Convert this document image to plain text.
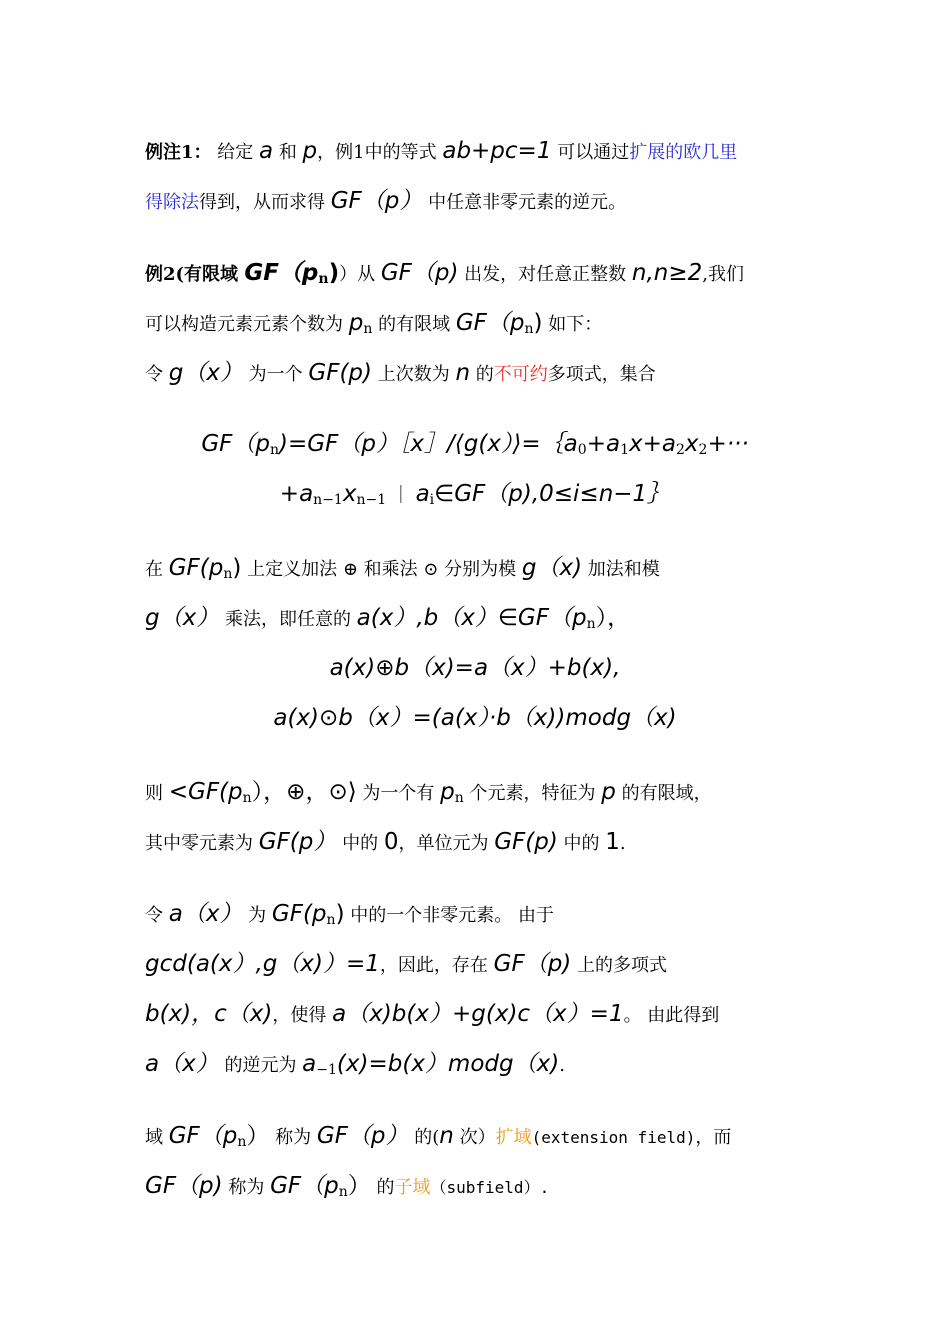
例注1： 给定 a 和 p，例1中的等式 ab+pc=1 可以通过扩展的欧几里
得除法得到，从而求得 GF（p） 中任意非零元素的逆元。
例2(有限域 $GF(p_n)$）从 GF（p) 出发，对任意正整数 n,n≥2,我们
可以构造元素元素个数为 $p_n$ 的有限域 $GF(p_n)$ 如下：
令 g（x） 为一个 GF(p) 上次数为 n 的不可约多项式，集合
$GF(p_n)=GF(p)[x]/⟨g(x)⟩=\{a_0+a_1x+a_2x_2+\cdot\cdot\cdot$
$+a_{n-1}x_{n-1}$ ｜ $a_i\in GF(p),0\le i\le n-1\}$
在 $GF(p_n)$ 上定义加法 ⊕ 和乘法 ⊙ 分别为模 g（x) 加法和模
g（x） 乘法，即任意的 $a(x),b(x)\in GF(p_n)$，
a(x)⊕b（x)=a（x）+b(x),
a(x)⊙b（x）=(a(x）·b（x))modg（x)
则 $<GF(p_n)$，⊕，⊙⟩ 为一个有 $p_n$ 个元素，特征为 p 的有限域，
其中零元素为 GF(p） 中的 0，单位元为 GF(p) 中的 1.
令 a（x） 为 $GF(p_n)$ 中的一个非零元素。 由于
gcd(a(x）,g（x)）=1，因此，存在 GF（p) 上的多项式
b(x)，c（x)，使得 a（x)b(x）+g(x)c（x）=1。 由此得到
a（x） 的逆元为 $a_{-1}(x)=b(x)modg(x)$.
域 $GF(p_n)$ 称为 GF（p） 的(n 次）扩域(extension field)，而
GF（p) 称为 $GF(p_n)$ 的子域（subfield）.
